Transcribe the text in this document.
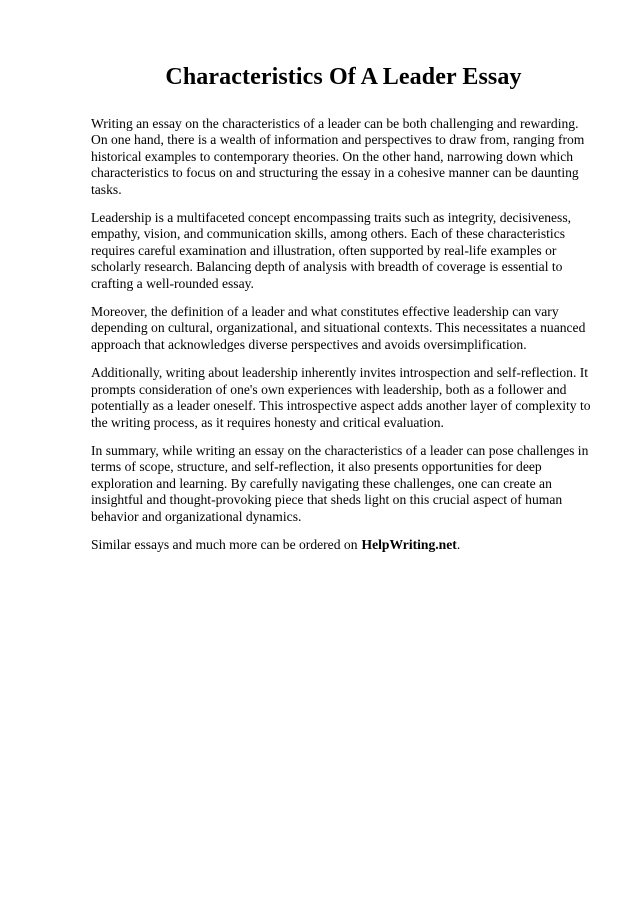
Characteristics Of A Leader Essay

Writing an essay on the characteristics of a leader can be both challenging and rewarding. On one hand, there is a wealth of information and perspectives to draw from, ranging from historical examples to contemporary theories. On the other hand, narrowing down which characteristics to focus on and structuring the essay in a cohesive manner can be daunting tasks.

Leadership is a multifaceted concept encompassing traits such as integrity, decisiveness, empathy, vision, and communication skills, among others. Each of these characteristics requires careful examination and illustration, often supported by real-life examples or scholarly research. Balancing depth of analysis with breadth of coverage is essential to crafting a well-rounded essay.

Moreover, the definition of a leader and what constitutes effective leadership can vary depending on cultural, organizational, and situational contexts. This necessitates a nuanced approach that acknowledges diverse perspectives and avoids oversimplification.

Additionally, writing about leadership inherently invites introspection and self-reflection. It prompts consideration of one's own experiences with leadership, both as a follower and potentially as a leader oneself. This introspective aspect adds another layer of complexity to the writing process, as it requires honesty and critical evaluation.

In summary, while writing an essay on the characteristics of a leader can pose challenges in terms of scope, structure, and self-reflection, it also presents opportunities for deep exploration and learning. By carefully navigating these challenges, one can create an insightful and thought-provoking piece that sheds light on this crucial aspect of human behavior and organizational dynamics.

Similar essays and much more can be ordered on HelpWriting.net.
